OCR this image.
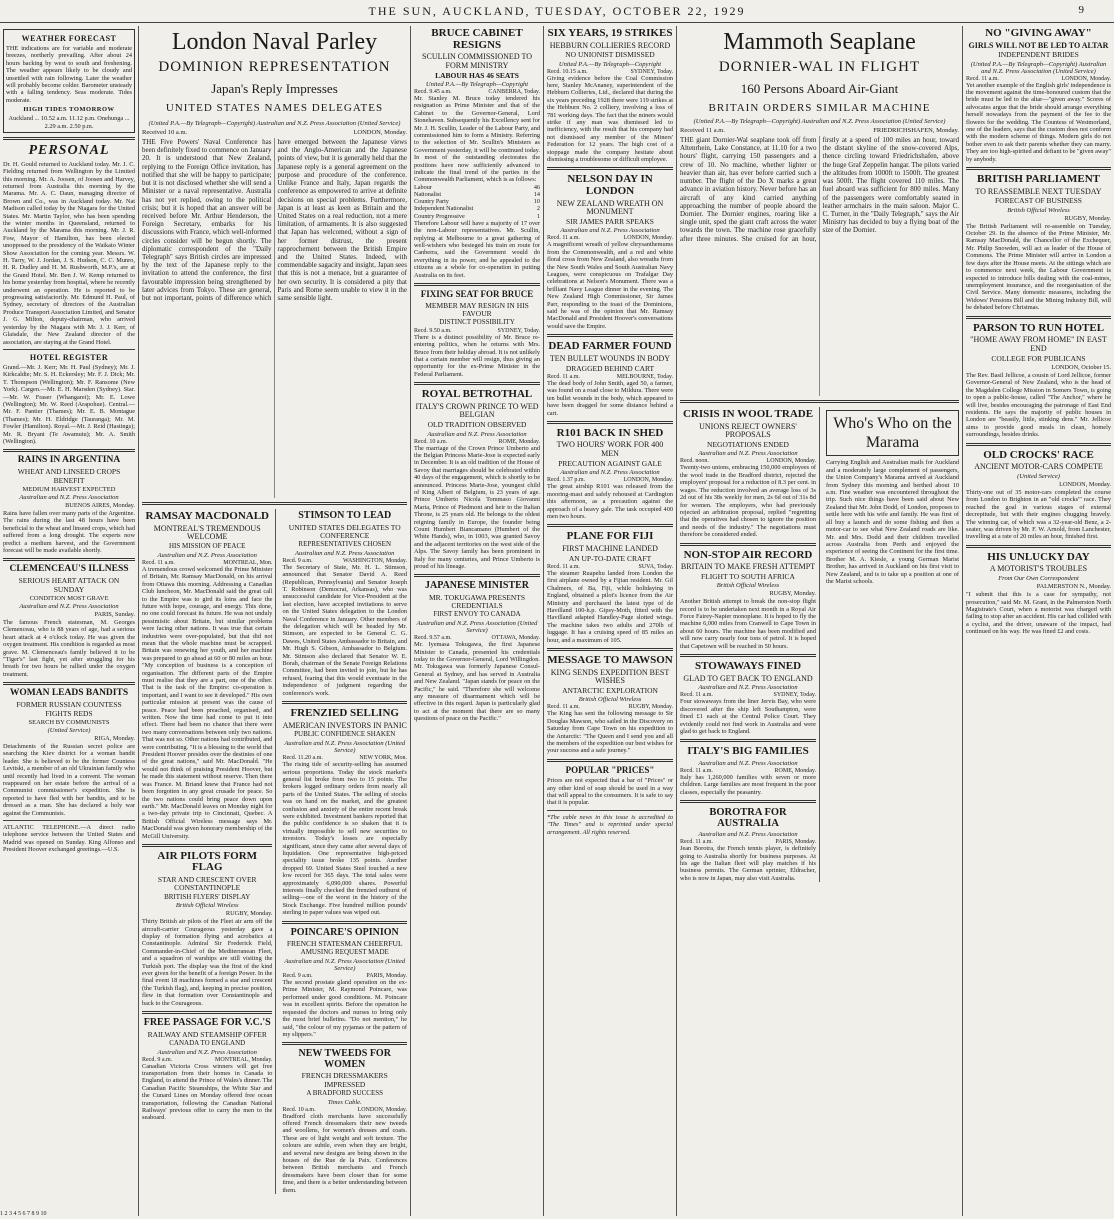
THE SUN, AUCKLAND, TUESDAY, OCTOBER 22, 1929	9
WEATHER FORECAST

THE indications are for variable and moderate breezes, northerly prevailing. After about 24 hours backing by west to south and freshening. The weather appears likely to be cloudy and unsettled with rain following. Later the weather will probably become colder. Barometer unsteady with a falling tendency. Seas moderate. Tides moderate.

HIGH TIDES TOMORROW

Auckland ... 10.52 a.m. 11.12 p.m. Onehunga ... 2.29 a.m. 2.50 p.m.

PERSONAL

Dr. H. Gould returned to Auckland today. Mr. J. C. Fielding returned from Wellington by the Limited this morning. Mr. A. Joosen, of Joosen and Harvey, returned from Australia this morning by the Marama. Mr. A. C. Daun, managing director of Brown and Co., was in Auckland today. Mr. Nat Madison called today by the Niagara for the United States. Mr. Martin Taylor, who has been spending the winter months in Queensland, returned to Auckland by the Marama this morning. Mr. J. R. Fow, Mayor of Hamilton, has been elected unopposed to the presidency of the Waikato Winter Show Association for the coming year. Messrs. W. H. Tarry, W. J. Jordan, J. S. Hudson, C. C. Munro, H. R. Dudley and H. M. Rushworth, M.P.'s, are at the Grand Hotel. Mr. Ben J. W. Kemp returned to his home yesterday from hospital, where he recently underwent an operation. He is reported to be progressing satisfactorily. Mr. Edmund H. Paul, of Sydney, secretary of directors of the Australian Produce Transport Association Limited, and Senator J. G. Milton, deputy-chairman, who arrived yesterday by the Niagara with Mr. J. J. Kerr, of Glaisdale, the New Zealand director of the association, are staying at the Grand Hotel.

HOTEL REGISTER

Grand.—Mr. J. Kerr; Mr. H. Paul (Sydney); Mr. J. Kirkcaldie; Mr. S. H. Eckersley; Mr. F. J. Dick; Mr. T. Thompson (Wellington); Mr. F. Ransome (New York). Cargen.—Mr. E. H. Marsden (Sydney). Star.—Mr. W. Fraser (Whangarei); Mr. E. Lowe (Wellington); Mr. W. Reed (Arapohue). Central.—Mr. F. Pantier (Thames); Mr. E. B. Montague (Thames); Mr. H. Eldridge (Tauranga); Mr. M. Fowler (Hamilton). Royal.—Mr. J. Reid (Hastings); Mr. R. Bryant (Te Awamutu); Mr. A. Smith (Wellington).

RAINS IN ARGENTINA
WHEAT AND LINSEED CROPS BENEFIT
MEDIUM HARVEST EXPECTED
Australian and N.Z. Press Association
BUENOS AIRES, Monday.

Rains have fallen over many parts of the Argentine. The rains during the last 48 hours have been beneficial to the wheat and linseed crops, which had suffered from a long drought. The experts now predict a medium harvest, and the Government forecast will be made available shortly.

CLEMENCEAU'S ILLNESS
SERIOUS HEART ATTACK ON SUNDAY
CONDITION MOST GRAVE
Australian and N.Z. Press Association
PARIS, Sunday.

The famous French statesman, M. Georges Clemenceau, who is 88 years of age, had a serious heart attack at 4 o'clock today. He was given the oxygen treatment. His condition is regarded as most grave. M. Clemenceau's family believed it to be "Tiger's" last fight, yet after struggling for his breath for two hours he rallied under the oxygen treatment.

WOMAN LEADS BANDITS
FORMER RUSSIAN COUNTESS FIGHTS REDS
SEARCH BY COMMUNISTS
(United Service)
RIGA, Monday.

Detachments of the Russian secret police are searching the Kiev district for a woman bandit leader. She is believed to be the former Countess Levitski, a member of an old Ukrainian family who until recently had lived in a convent. The woman reappeared on her estate before the arrival of a Communist commissioner's expedition. She is reported to have fled with her bandits, and to be dressed as a man. She has declared a holy war against the Communists.

ATLANTIC TELEPHONE.—A direct radio telephone service between the United States and Madrid was opened on Sunday. King Alfonso and President Hoover exchanged greetings.—U.S.

London Naval Parley
DOMINION REPRESENTATION
Japan's Reply Impresses
UNITED STATES NAMES DELEGATES
(United P.A.—By Telegraph—Copyright) Australian and N.Z. Press Association (United Service)
Received 10 a.m.	LONDON, Monday.

THE Five Powers' Naval Conference has been definitely fixed to commence on January 20. It is understood that New Zealand, replying to the Foreign Office invitation, has notified that she will be happy to participate; but it is not disclosed whether she will send a Minister or a naval representative. Australia has not yet replied, owing to the political crisis; but it is hoped that an answer will be received before Mr. Arthur Henderson, the Foreign Secretary, embarks for his discussions with France, which well-informed circles consider will be begun shortly. The diplomatic correspondent of the "Daily Telegraph" says British circles are impressed by the text of the Japanese reply to the invitation to attend the conference, the first favourable impression being strengthened by later advices from Tokyo. These are general, but not important, points of difference which have emerged between the Japanese views and the Anglo-American and the Japanese points of view, but it is generally held that the Japanese reply is a general agreement on the purpose and procedure of the conference. Unlike France and Italy, Japan regards the conference as empowered to arrive at definite decisions on special problems. Furthermore, Japan is at least as keen as Britain and the United States on a real reduction, not a mere limitation, of armaments. It is also suggested that Japan has welcomed, without a sign of her former distrust, the present rapprochement between the British Empire and the United States. Indeed, with commendable sagacity and insight, Japan sees that this is not a menace, but a guarantee of her own security. It is considered a pity that Paris and Rome seem unable to view it in the same sensible light.

RAMSAY MACDONALD
MONTREAL'S TREMENDOUS WELCOME
HIS MISSION OF PEACE
Australian and N.Z. Press Association
Recd. 11 a.m.	MONTREAL, Mon.

A tremendous crowd welcomed the Prime Minister of Britain, Mr. Ramsay MacDonald, on his arrival from Ottawa this morning. Addressing a Canadian Club luncheon, Mr. MacDonald said the great call to the Empire was to gird its loins and face the future with hope, courage, and energy. This done, no one could forecast its future. He was not unduly pessimistic about Britain, but similar problems were facing other nations. It was true that certain industries were over-populated, but that did not mean that the whole machine must be scrapped. Britain was renewing her youth, and her machine was prepared to go ahead at 60 or 80 miles an hour. "My conception of business is a conception of organisation. The different parts of the Empire must realise that they are a part, one of the other. That is the task of the Empire: co-operation is important, and I want to see it developed." His own particular mission at present was the cause of peace. Peace had been preached, organised, and written. Now the time had come to put it into effect. There had been no chance that there were two many conversations between only two nations. That was not so. Other nations had contributed, and were contributing. "It is a blessing to the world that President Hoover presides over the destinies of one of the great nations," said Mr. MacDonald. "He would not think of praising President Hoover, but he made this statement without reserve. Then there was France. M. Briand knew that France had not been forgotten in any great crusade for peace. So the two nations could bring peace down upon earth." Mr. MacDonald leaves on Monday night for a two-day private trip to Cincinnati, Quebec. A British Official Wireless message says Mr. MacDonald was given honorary membership of the McGill University.

AIR PILOTS FORM FLAG
STAR AND CRESCENT OVER CONSTANTINOPLE
BRITISH FLYERS' DISPLAY
British Official Wireless
RUGBY, Monday.

Thirty British air pilots of the Fleet air arm off the aircraft-carrier Courageous yesterday gave a display of formation flying and acrobatics at Constantinople. Admiral Sir Frederick Field, Commander-in-Chief of the Mediterranean Fleet, and a squadron of warships are still visiting the Turkish port. The display was the first of the kind ever given for the benefit of a foreign Power. In the final event 18 machines formed a star and crescent (the Turkish flag), and, keeping in precise position, flew in that formation over Constantinople and back to the Courageous.

FREE PASSAGE FOR V.C.'S
RAILWAY AND STEAMSHIP OFFER
CANADA TO ENGLAND
Australian and N.Z. Press Association
Recd. 9 a.m.	MONTREAL, Monday.

Canadian Victoria Cross winners will get free transportation from their homes in Canada to England, to attend the Prince of Wales's dinner. The Canadian Pacific Steamships, the White Star and the Cunard Lines on Monday offered free ocean transportation, following the Canadian National Railways' previous offer to carry the men to the seaboard.

STIMSON TO LEAD
UNITED STATES DELEGATES TO CONFERENCE
REPRESENTATIVES CHOSEN
Australian and N.Z. Press Association
Recd. 9 a.m.	WASHINGTON, Monday.

The Secretary of State, Mr. H. L. Stimson, announced that Senator David A. Reed (Republican, Pennsylvania) and Senator Joseph T. Robinson (Democrat, Arkansas), who was unsuccessful candidate for Vice-President at the last election, have accepted invitations to serve on the United States delegation to the London Naval Conference in January. Other members of the delegation which will be headed by Mr. Stimson, are expected to be General C. G. Dawes, United States Ambassador to Britain, and Mr. Hugh S. Gibson, Ambassador to Belgium. Mr. Stimson also declared that Senator W. E. Borah, chairman of the Senate Foreign Relations Committee, had been invited to join, but he has refused, fearing that this would eventuate in the independence of judgment regarding the conference's work.

FRENZIED SELLING
AMERICAN INVESTORS IN PANIC
PUBLIC CONFIDENCE SHAKEN
Australian and N.Z. Press Association (United Service)
Recd. 11.20 a.m.	NEW YORK, Mon.

The rising tide of security-selling has assumed serious proportions. Today the stock market's general list broke from two to 15 points. The brokers logged ordinary orders from nearly all parts of the United States. The selling of stocks was on hand on the market, and the greatest confusion and anxiety of the entire recent break were exhibited. Investment bankers reported that the public confidence is so shaken that it is virtually impossible to sell new securities to investors. Today's losses are especially significant, since they came after several days of liquidation. One representative high-priced speciality issue broke 135 points. Another dropped 69. United States Steel touched a new low record for 365 days. The total sales were approximately 6,090,000 shares. Powerful interests finally checked the frenzied outburst of selling—one of the worst in the history of the Stock Exchange. Five hundred million pounds' sterling in paper values was wiped out.

POINCARE'S OPINION
FRENCH STATESMAN CHEERFUL
AMUSING REQUEST MADE
Australian and N.Z. Press Association (United Service)
Recd. 9 a.m.	PARIS, Monday.

The second prostate gland operation on the ex-Prime Minister, M. Raymond Poincare, was performed under good conditions. M. Poincare was in excellent spirits. Before the operation he requested the doctors and nurses to bring only the most brief bulletins. "Do not mention," he said, "the colour of my pyjamas or the pattern of my slippers."

NEW TWEEDS FOR WOMEN
FRENCH DRESSMAKERS IMPRESSED
A BRADFORD SUCCESS
Times Cable.
Recd. 10 a.m.	LONDON, Monday.

Bradford cloth merchants have successfully offered French dressmakers their new tweeds and woollens, for women's dresses and coats. These are of light weight and soft texture. The colours are subtle, even when they are bright, and several new designs are being shown in the houses of the Rue de la Paix. Conferences between British merchants and French dressmakers have been closer than for some time, and there is a better understanding between them.

BRUCE CABINET RESIGNS
SCULLIN COMMISSIONED TO FORM MINISTRY
LABOUR HAS 46 SEATS
United P.A.—By Telegraph—Copyright
Recd. 9.45 a.m.	CANBERRA, Today.

Mr. Stanley M. Bruce today tendered his resignation as Prime Minister and that of the Cabinet to the Governor-General, Lord Stonehaven. Subsequently his Excellency sent for Mr. J. H. Scullin, Leader of the Labour Party, and commissioned him to form a Ministry. Referring to the selection of Mr. Scullin's Ministers as Government yesterday, it will be continued today. In most of the outstanding electorates the positions have now sufficiently advanced to indicate the final trend of the parties in the Commonwealth Parliament, which is as follows:

Labour	46
Nationalist	14
Country Party	10
Independent Nationalist	2
Country Progressive	1

Therefore Labour will have a majority of 17 over the non-Labour representatives. Mr. Scullin, replying at Melbourne to a great gathering of well-wishers who besieged his train en route for Canberra, said the Government would do everything in its power, and he appealed to the citizens as a whole for co-operation in putting Australia on its feet.

FIXING SEAT FOR BRUCE
MEMBER MAY RESIGN IN HIS FAVOUR
DISTINCT POSSIBILITY
Recd. 9.50 a.m.	SYDNEY, Today.

There is a distinct possibility of Mr. Bruce re-entering politics, when he returns with Mrs. Bruce from their holiday abroad. It is not unlikely that a certain member will resign, thus giving an opportunity for the ex-Prime Minister in the Federal Parliament.

ROYAL BETROTHAL
ITALY'S CROWN PRINCE TO WED BELGIAN
OLD TRADITION OBSERVED
Australian and N.Z. Press Association
Recd. 10 a.m.	ROME, Monday.

The marriage of the Crown Prince Umberto and the Belgian Princess Marie-Jose is expected early in December. It is an old tradition of the House of Savoy that marriages should be celebrated within 40 days of the engagement, which is shortly to be announced. Princess Marie-Jose, youngest child of King Albert of Belgium, is 23 years of age. Prince Umberto Nicola Tommaso Giovanni Maria, Prince of Piedmont and heir to the Italian Throne, is 25 years old. He belongs to the oldest reigning family in Europe, the founder being Count Humbert Biancamano (Humbert of the White Hands), who, in 1003, was granted Savoy and the adjacent territories on the west side of the Alps. The Savoy family has been prominent in Italy for many centuries, and Prince Umberto is proud of his lineage.

JAPANESE MINISTER
MR. TOKUGAWA PRESENTS CREDENTIALS
FIRST ENVOY TO CANADA
Australian and N.Z. Press Association (United Service)
Recd. 9.57 a.m.	OTTAWA, Monday.

Mr. Iyemasa Tokugawa, the first Japanese Minister to Canada, presented his credentials today to the Governor-General, Lord Willingdon. Mr. Tokugawa was formerly Japanese Consul-General at Sydney, and has served in Australia and New Zealand. "Japan stands for peace on the Pacific," he said. "Therefore she will welcome any measure of disarmament which will be effective in this regard. Japan is particularly glad to act at the moment that there are so many questions of peace on the Pacific."

SIX YEARS, 19 STRIKES
HEBBURN COLLIERIES RECORD
NO UNIONIST DISMISSED
United P.A.—By Telegraph—Copyright
Recd. 10.15 a.m.	SYDNEY, Today.

Giving evidence before the Coal Commission here, Stanley McAnaney, superintendent of the Hebburn Collieries, Ltd., declared that during the six years preceding 1928 there were 119 strikes at the Hebburn No. 2 colliery, involving a loss of 781 working days. The fact that the miners would strike if any man was dismissed led to inefficiency, with the result that his company had not dismissed any member of the Miners' Federation for 12 years. The high cost of a stoppage made the company hesitate about dismissing a troublesome or difficult employee.

NELSON DAY IN LONDON
NEW ZEALAND WREATH ON MONUMENT
SIR JAMES PARR SPEAKS
Australian and N.Z. Press Association
Recd. 11 a.m.	LONDON, Monday.

A magnificent wreath of yellow chrysanthemums from the Commonwealth, and a red and white floral cross from New Zealand, also wreaths from the New South Wales and South Australian Navy Leagues, were conspicuous on Trafalgar Day celebrations at Nelson's Monument. There was a brilliant Navy League dinner in the evening. The New Zealand High Commissioner, Sir James Parr, responding to the toast of the Dominions, said he was of the opinion that Mr. Ramsay MacDonald and President Hoover's conversations would save the Empire.

DEAD FARMER FOUND
TEN BULLET WOUNDS IN BODY
DRAGGED BEHIND CART
Recd. 11 a.m.	MELBOURNE, Today.

The dead body of John Smith, aged 50, a farmer, was found on a road close to Mildura. There were ten bullet wounds in the body, which appeared to have been dragged for some distance behind a cart.

R101 BACK IN SHED
TWO HOURS' WORK FOR 400 MEN
PRECAUTION AGAINST GALE
Australian and N.Z. Press Association
Recd. 1.37 p.m.	LONDON, Monday.

The great airship R101 was released from the mooring-mast and safely rehoused at Cardington this afternoon, as a precaution against the approach of a heavy gale. The task occupied 400 men two hours.

PLANE FOR FIJI
FIRST MACHINE LANDED
AN UP-TO-DATE CRAFT
Recd. 11 a.m.	SUVA, Today.

The steamer Ruapehu landed from London the first airplane owned by a Fijian resident. Mr. Gil Chalmers, of Ba, Fiji, while holidaying in England, obtained a pilot's licence from the Air Ministry and purchased the latest type of de Havilland 100-h.p. Gipsy-Moth, fitted with the Havilland adapted Handley-Page slotted wings. The machine takes two adults and 270lb of luggage. It has a cruising speed of 85 miles an hour, and a maximum of 105.

MESSAGE TO MAWSON
KING SENDS EXPEDITION BEST WISHES
ANTARCTIC EXPLORATION
British Official Wireless
Recd. 11 a.m.	RUGBY, Monday.

The King has sent the following message to Sir Douglas Mawson, who sailed in the Discovery on Saturday from Cape Town on his expedition to the Antarctic: "The Queen and I send you and all the members of the expedition our best wishes for your success and a safe journey."

POPULAR "PRICES"

Prices are not expected that a bar of "Prices" or any other kind of soap should be used in a way that will appeal to the consumers. It is safe to say that it is popular.

*The cable news in this issue is accredited to "The Times" and is reprinted under special arrangement. All rights reserved.

Mammoth Seaplane
DORNIER-WAL IN FLIGHT
160 Persons Aboard Air-Giant
BRITAIN ORDERS SIMILAR MACHINE
(United P.A.—By Telegraph—Copyright) Australian and N.Z. Press Association (United Service)
Received 11 a.m.	FRIEDRICHSHAFEN, Monday.

THE giant Dornier-Wal seaplane took off from Altenrhein, Lake Constance, at 11.10 for a two hours' flight, carrying 150 passengers and a crew of 10. No machine, whether lighter or heavier than air, has ever before carried such a number. The flight of the Do X marks a great advance in aviation history. Never before has an aircraft of any kind carried anything approaching the number of people aboard the Dornier. The Dornier engines, roaring like a single unit, sped the giant craft across the water towards the town. The machine rose gracefully after three minutes. She cruised for an hour, firstly at a speed of 100 miles an hour, toward the distant skyline of the snow-covered Alps, thence circling toward Friedrichshafen, above the huge Graf Zeppelin hangar. The pilots varied the altitudes from 1000ft to 1500ft. The greatest was 500ft. The flight covered 110 miles. The fuel aboard was sufficient for 800 miles. Many of the passengers were comfortably seated in leather armchairs in the main saloon. Major C. C. Turner, in the "Daily Telegraph," says the Air Ministry has decided to buy a flying boat of the size of the Dornier.

CRISIS IN WOOL TRADE
UNIONS REJECT OWNERS' PROPOSALS
NEGOTIATIONS ENDED
Australian and N.Z. Press Association
Recd. noon.	LONDON, Monday.

Twenty-two unions, embracing 150,000 employees of the wool trade in the Bradford district, rejected the employers' proposal for a reduction of 8.3 per cent. in wages. The reduction involved an average loss of 3s 2d out of his 38s weekly for men, 2s 6d out of 31s 8d for women. The employers, who had previously rejected an arbitration proposal, replied "regretting that the operatives had chosen to ignore the position and needs of the industry." The negotiations must therefore be considered ended.

NON-STOP AIR RECORD
BRITAIN TO MAKE FRESH ATTEMPT
FLIGHT TO SOUTH AFRICA
British Official Wireless
RUGBY, Monday.

Another British attempt to break the non-stop flight record is to be undertaken next month in a Royal Air Force Fairey-Napier monoplane. It is hoped to fly the machine 6,000 miles from Cranwell to Cape Town in about 60 hours. The machine has been modified and will now carry nearly four tons of petrol. It is hoped that Capetown will be reached in 50 hours.

STOWAWAYS FINED
GLAD TO GET BACK TO ENGLAND
Australian and N.Z. Press Association
Recd. 11 a.m.	SYDNEY, Today.

Four stowaways from the liner Jervis Bay, who were discovered after the ship left Southampton, were fined £1 each at the Central Police Court. They evidently could not find work in Australia and were glad to get back to England.

ITALY'S BIG FAMILIES
Australian and N.Z. Press Association
Recd. 11 a.m.	ROME, Monday.

Italy has 1,260,000 families with seven or more children. Large families are most frequent in the poor classes, especially the peasantry.

BOROTRA FOR AUSTRALIA
Australian and N.Z. Press Association
Recd. 11 a.m.	PARIS, Monday.

Jean Borotra, the French tennis player, is definitely going to Australia shortly for business purposes. At his age the Italian fleet will play matches if his business permits. The German sprinter, Eldracher, who is now in Japan, may also visit Australia.

Who's Who on the Marama

Carrying English and Australian mails for Auckland and a moderately large complement of passengers, the Union Company's Marama arrived at Auckland from Sydney this morning and berthed about 10 a.m. Fine weather was encountered throughout the trip. Such nice things have been said about New Zealand that Mr. John Dodd, of London, proposes to settle here with his wife and family. He was first of all buy a launch and do some fishing and then a motor-car to see what New Zealand roads are like. Mr. and Mrs. Dodd and their children travelled across Australia from Perth and enjoyed the experience of seeing the Continent for the first time. Brother M. A. Kiesle, a young German Marist Brother, has arrived in Auckland on his first visit to New Zealand, and is to take up a position at one of the Marist schools.

NO "GIVING AWAY"
GIRLS WILL NOT BE LED TO ALTAR
INDEPENDENT BRIDES
(United P.A.—By Telegraph—Copyright) Australian and N.Z. Press Association (United Service)
Recd. 11 a.m.	LONDON, Monday.

Yet another example of the English girls' independence is the movement against the time-honoured custom that the bride must be led to the altar—"given away." Scores of advocates argue that the bride should arrange everything herself nowadays from the payment of the fee to the flowers for the wedding. The Countess of Westmorland, one of the leaders, says that the custom does not conform with the modern scheme of things. Modern girls do not bother even to ask their parents whether they can marry. They are too high-spirited and defiant to be "given away" by anybody.

BRITISH PARLIAMENT
TO REASSEMBLE NEXT TUESDAY
FORECAST OF BUSINESS
British Official Wireless
RUGBY, Monday.

The British Parliament will re-assemble on Tuesday, October 29. In the absence of the Prime Minister, Mr. Ramsay MacDonald, the Chancellor of the Exchequer, Mr. Philip Snowden, will act as leader of the House of Commons. The Prime Minister will arrive in London a few days after the House meets. At the sittings which are to commence next week, the Labour Government is expected to introduce bills dealing with the coal-mines, unemployment insurance, and the reorganisation of the Civil Service. Many domestic measures, including the Widows' Pensions Bill and the Mining Industry Bill, will be debated before Christmas.

PARSON TO RUN HOTEL
"HOME AWAY FROM HOME" IN EAST END
COLLEGE FOR PUBLICANS
LONDON, October 15.

The Rev. Basil Jellicoe, a cousin of Lord Jellicoe, former Governor-General of New Zealand, who is the head of the Magdalen College Mission in Somers Town, is going to open a public-house, called "The Anchor," where he will live, besides encouraging the patronage of East End residents. He says the majority of public houses in London are "beastly, little, stinking dens." Mr. Jellicoe aims to provide good meals in clean, homely surroundings, besides drinks.

OLD CROCKS' RACE
ANCIENT MOTOR-CARS COMPETE
(United Service)
LONDON, Monday.

Thirty-one out of 35 motor-cars completed the course from London to Brighton in an "old crocks'" race. They reached the goal in various stages of external decrepitude, but with their engines chugging bravely. The winning car, of which was a 32-year-old Benz, a 2-seater, was driven by Mr. F. W. Arnold, from Lanchester, travelling at a rate of 20 miles an hour, finished first.

HIS UNLUCKY DAY
A MOTORIST'S TROUBLES
From Our Own Correspondent
PALMERSTON N., Monday.

"I submit that this is a case for sympathy, not prosecution," said Mr. M. Grant, in the Palmerston North Magistrate's Court, when a motorist was charged with failing to stop after an accident. His car had collided with a cyclist, and the driver, unaware of the impact, had continued on his way. He was fined £2 and costs.

1 2 3 4 5 6 7 8 9 10
